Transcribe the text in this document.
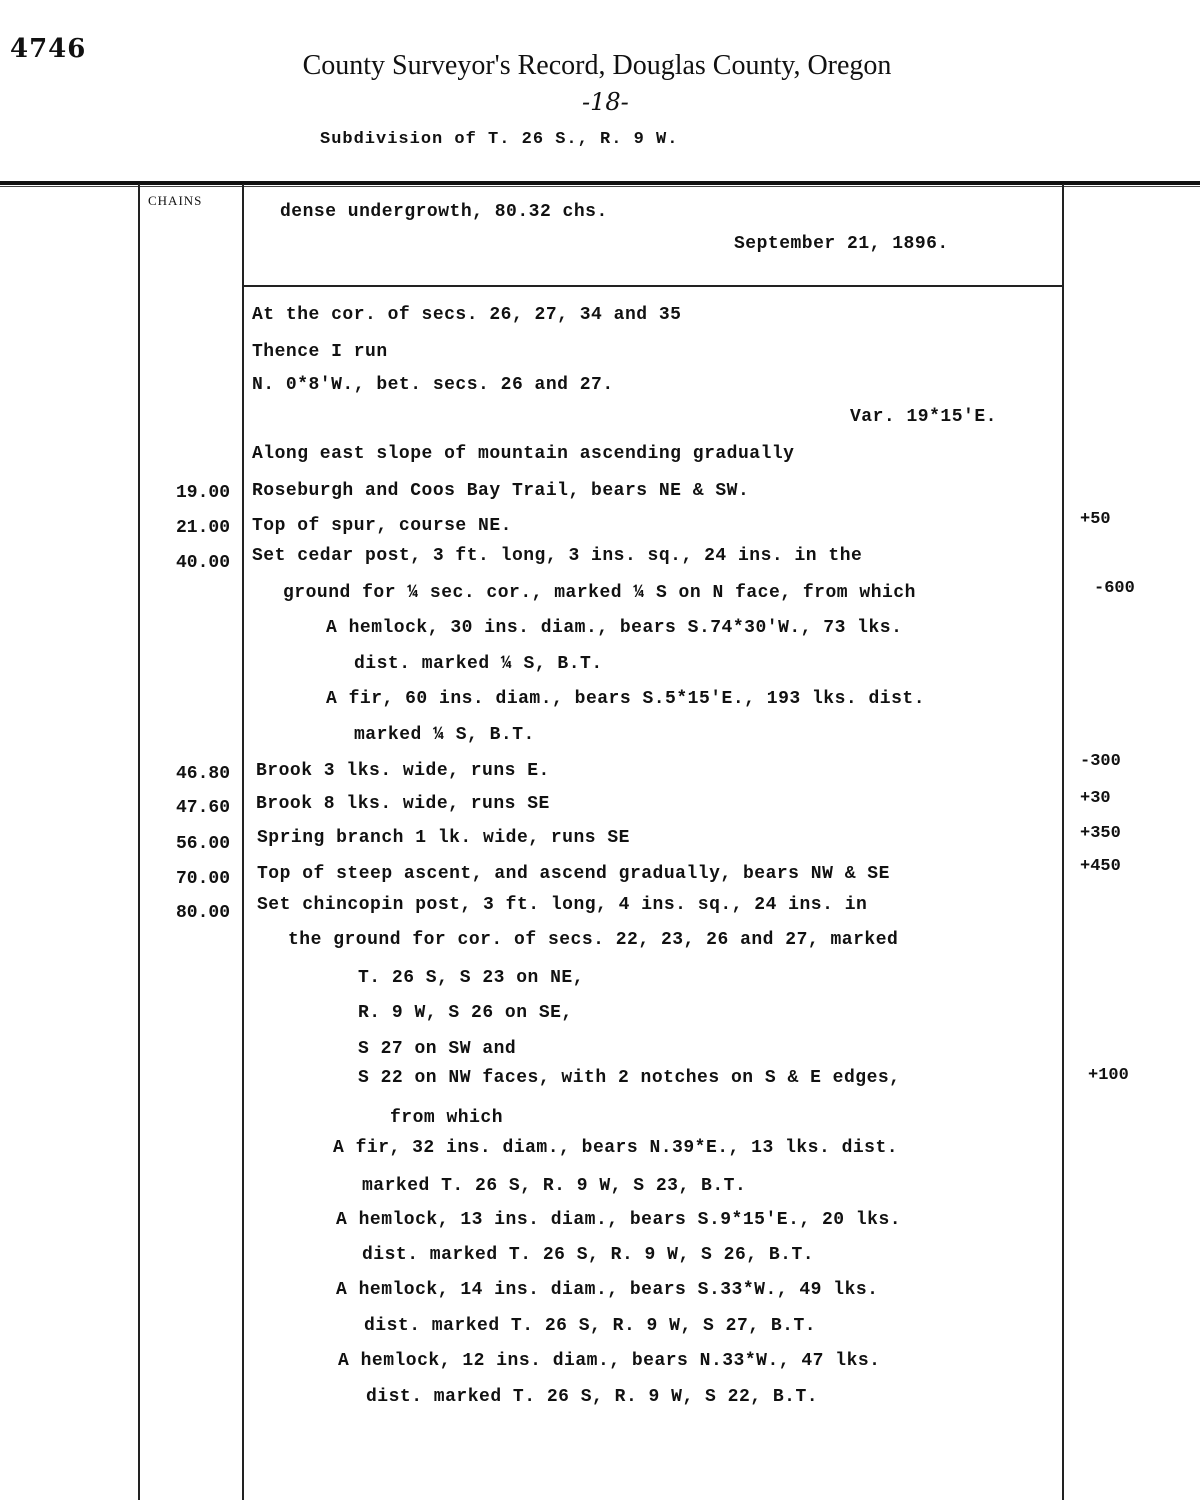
4746
County Surveyor's Record, Douglas County, Oregon
-18-
Subdivision of T. 26 S., R. 9 W.
CHAINS
dense undergrowth, 80.32 chs.
September 21, 1896.
At the cor. of secs. 26, 27, 34 and 35
Thence I run
N. 0*8'W., bet. secs. 26 and 27.
Var. 19*15'E.
Along east slope of mountain ascending gradually
19.00 Roseburgh and Coos Bay Trail, bears NE & SW.
21.00 Top of spur, course NE.	+50
40.00 Set cedar post, 3 ft. long, 3 ins. sq., 24 ins. in the
ground for ¼ sec. cor., marked ¼ S on N face, from which	-600
A hemlock, 30 ins. diam., bears S.74*30'W., 73 lks.
dist. marked ¼ S, B.T.
A fir, 60 ins. diam., bears S.5*15'E., 193 lks. dist.
marked ¼ S, B.T.
46.80 Brook 3 lks. wide, runs E.	-300
47.60 Brook 8 lks. wide, runs SE	+30
56.00 Spring branch 1 lk. wide, runs SE	+350
70.00 Top of steep ascent, and ascend gradually, bears NW & SE	+450
80.00 Set chincopin post, 3 ft. long, 4 ins. sq., 24 ins. in
the ground for cor. of secs. 22, 23, 26 and 27, marked
T. 26 S, S 23 on NE,
R. 9 W, S 26 on SE,
S 27 on SW and
S 22 on NW faces, with 2 notches on S & E edges,	+100
from which
A fir, 32 ins. diam., bears N.39*E., 13 lks. dist.
marked T. 26 S, R. 9 W, S 23, B.T.
A hemlock, 13 ins. diam., bears S.9*15'E., 20 lks.
dist. marked T. 26 S, R. 9 W, S 26, B.T.
A hemlock, 14 ins. diam., bears S.33*W., 49 lks.
dist. marked T. 26 S, R. 9 W, S 27, B.T.
A hemlock, 12 ins. diam., bears N.33*W., 47 lks.
dist. marked T. 26 S, R. 9 W, S 22, B.T.
